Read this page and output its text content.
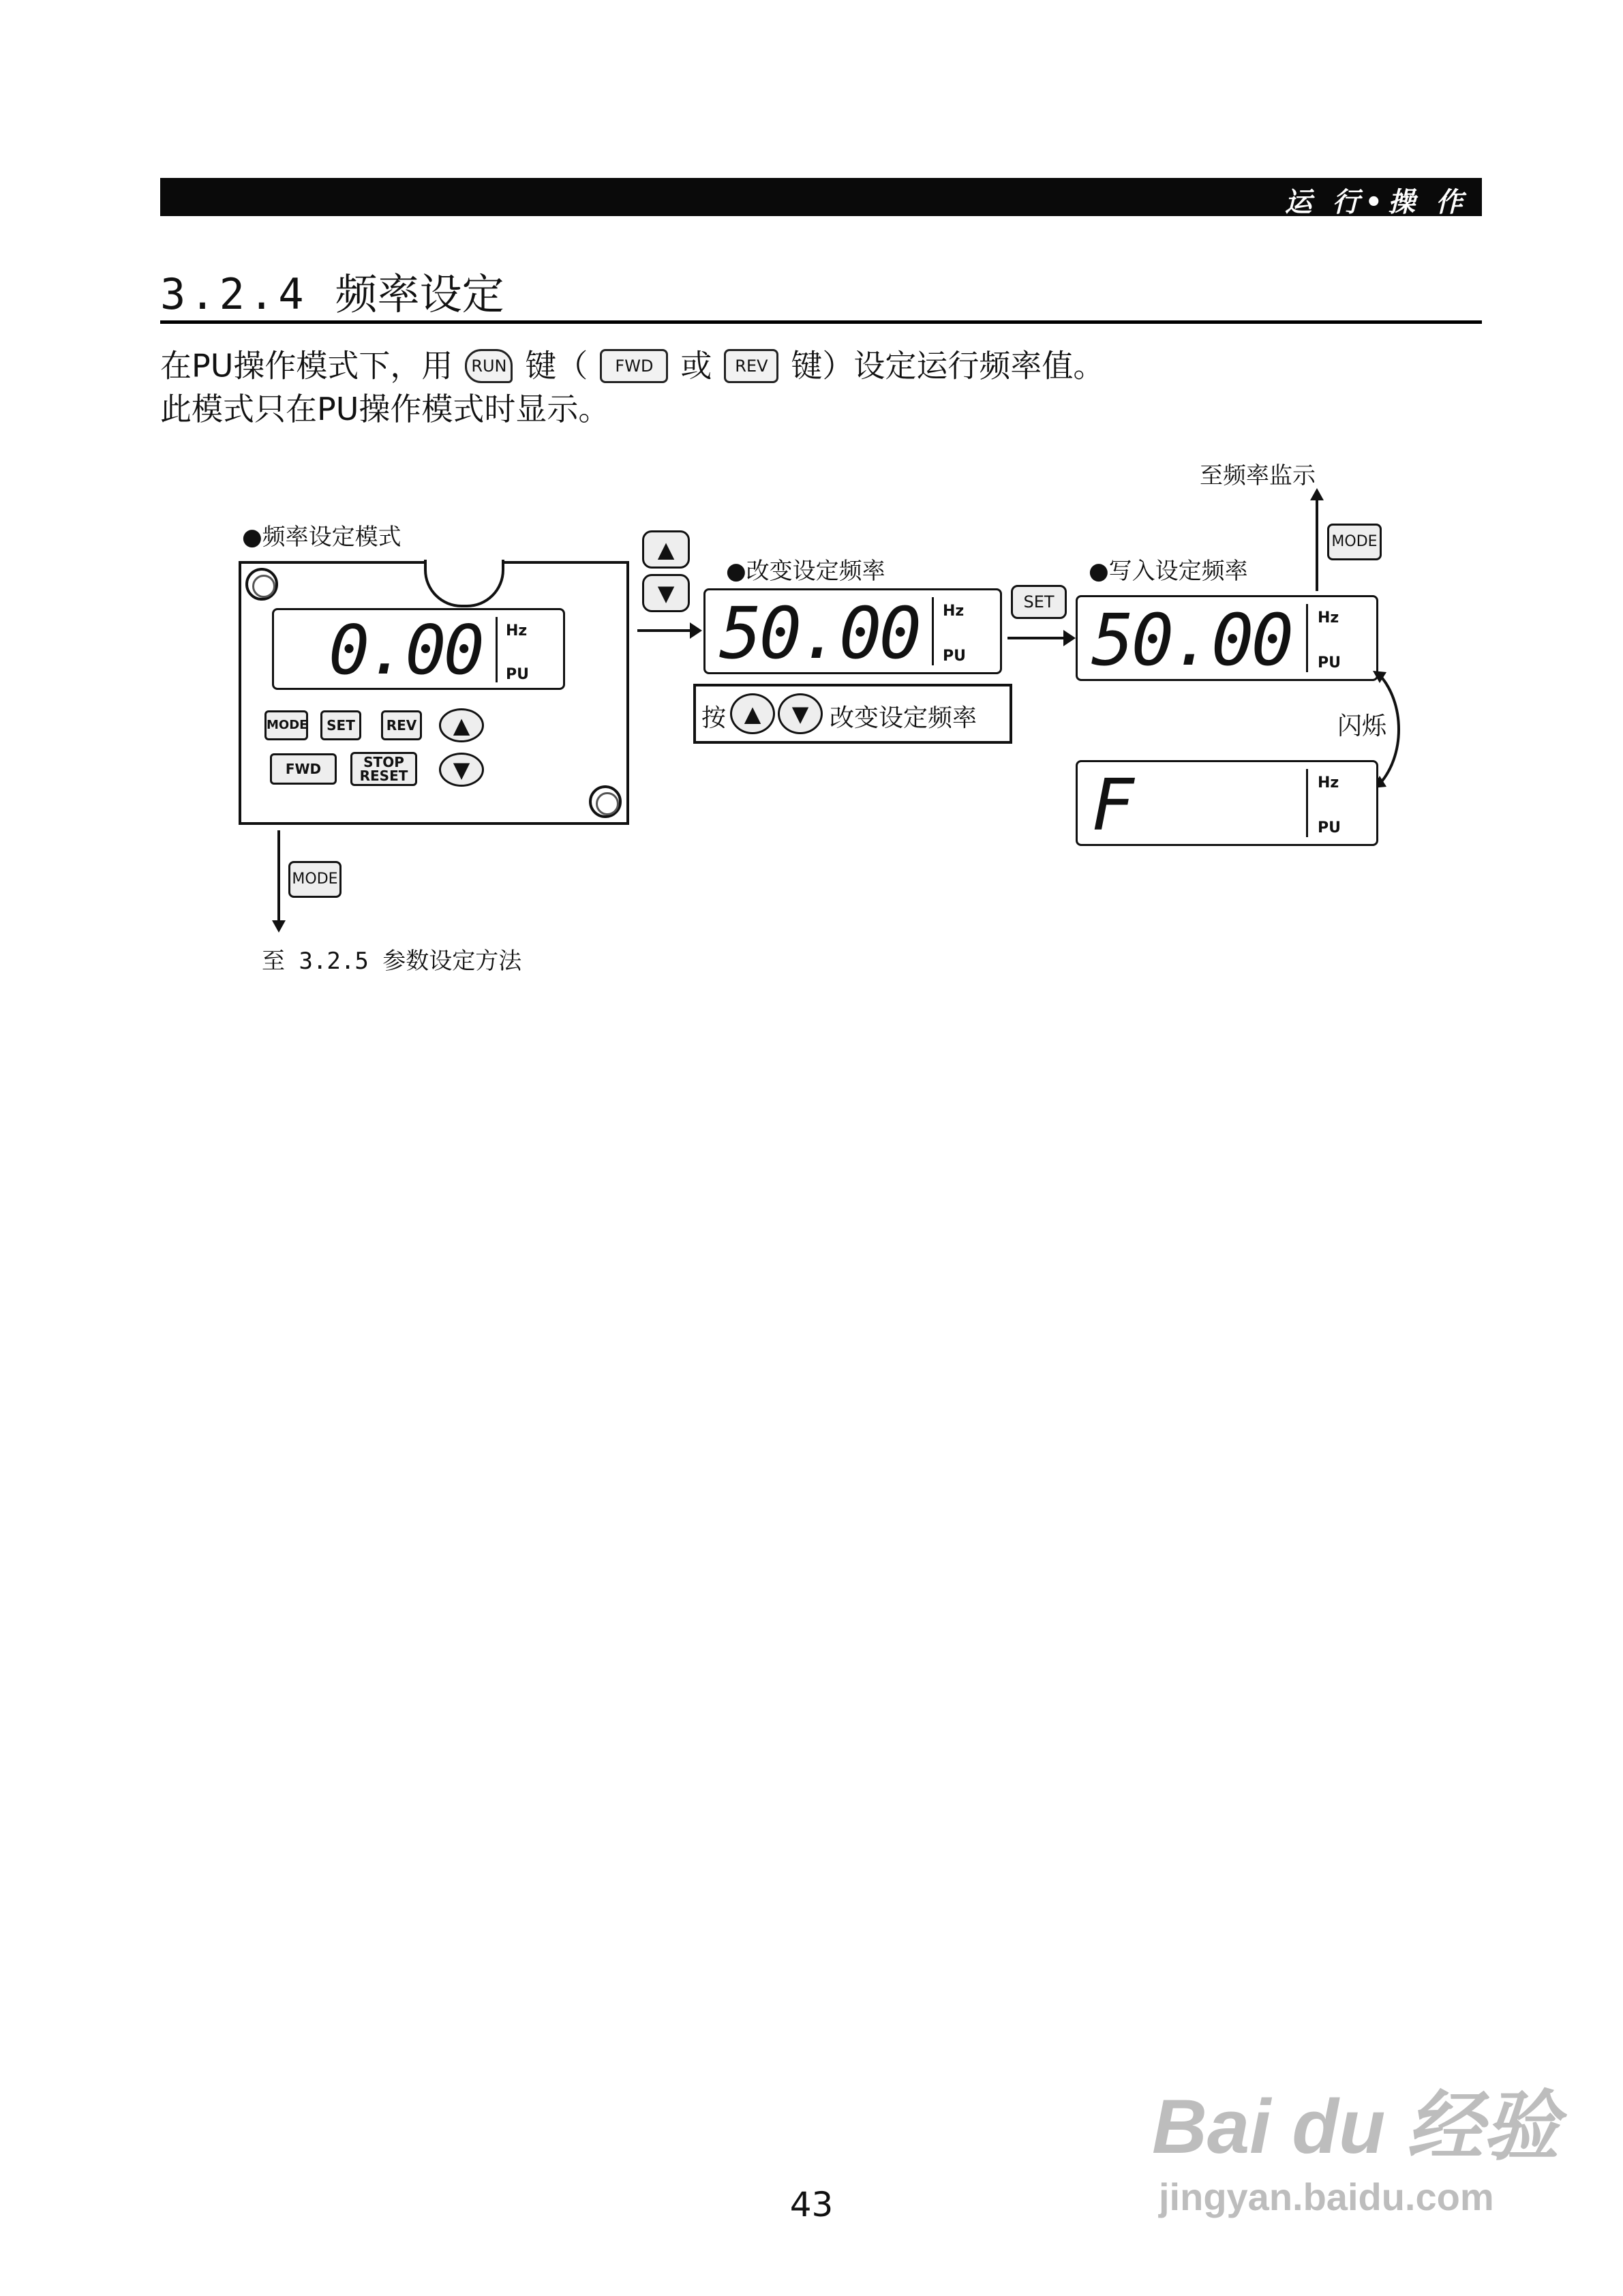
运 行•操 作
3.2.4 频率设定
在PU操作模式下，用 RUN 键（ FWD 或 REV 键）设定运行频率值。
此模式只在PU操作模式时显示。
●频率设定模式
0.00 Hz
PU
MODE	SET	REV	▲
FWD	STOP
RESET	▼
▲
▼
●改变设定频率
50.00 Hz
PU
按 ▲	▼ 改变设定频率
SET
●写入设定频率
50.00 Hz
PU
至频率监示
MODE
闪烁
F	Hz
PU
MODE
至 3.2.5 参数设定方法
43
Bai du 经验
jingyan.baidu.com
